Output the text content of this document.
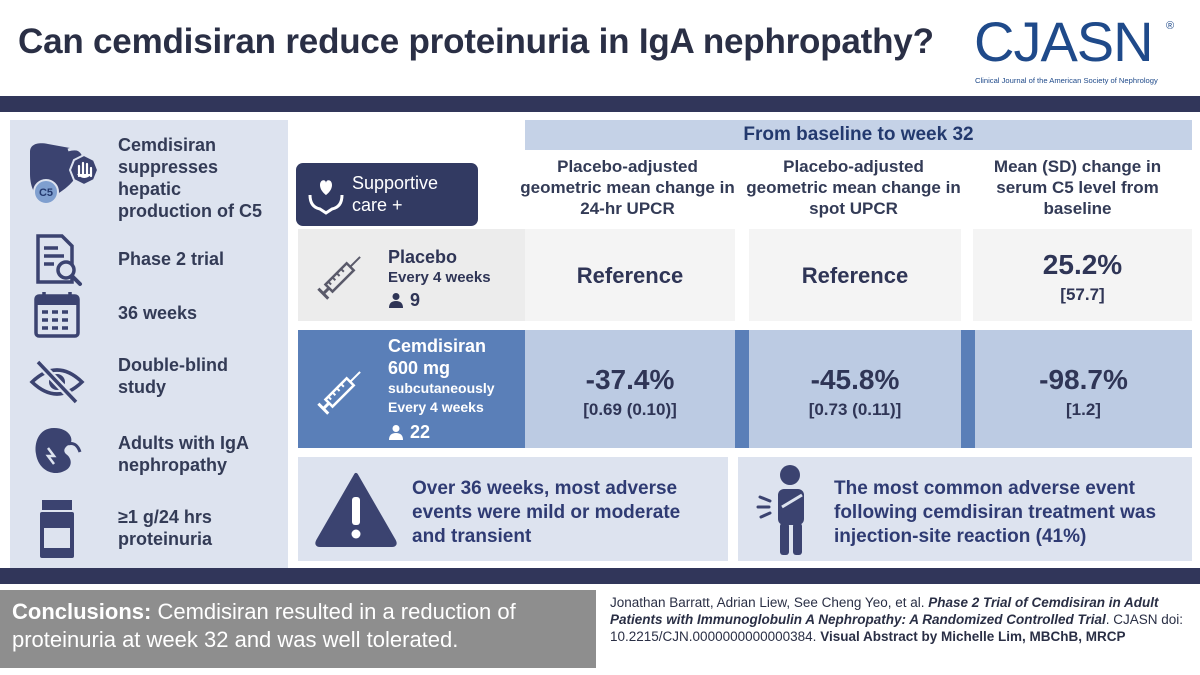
Can cemdisiran reduce proteinuria in IgA nephropathy? CJASN ®
Clinical Journal of the American Society of Nephrology
C5
Cemdisiran suppresses hepatic production of C5
Phase 2 trial
36 weeks
Double-blind study
Adults with IgA nephropathy
≥1 g/24 hrs proteinuria
From baseline to week 32
Supportive care +
Placebo-adjusted geometric mean change in 24-hr UPCR
Placebo-adjusted geometric mean change in spot UPCR
Mean (SD) change in serum C5 level from baseline
Placebo
Every 4 weeks
9
Reference	Reference	25.2%
[57.7]
Cemdisiran
600 mg
subcutaneously
Every 4 weeks
22
-37.4%
[0.69 (0.10)]
-45.8%
[0.73 (0.11)]
-98.7%
[1.2]
Over 36 weeks, most adverse events were mild or moderate and transient
The most common adverse event following cemdisiran treatment was injection-site reaction (41%)
Conclusions: Cemdisiran resulted in a reduction of proteinuria at week 32 and was well tolerated.
Jonathan Barratt, Adrian Liew, See Cheng Yeo, et al. Phase 2 Trial of Cemdisiran in Adult Patients with Immunoglobulin A Nephropathy: A Randomized Controlled Trial. CJASN doi: 10.2215/CJN.0000000000000384. Visual Abstract by Michelle Lim, MBChB, MRCP
